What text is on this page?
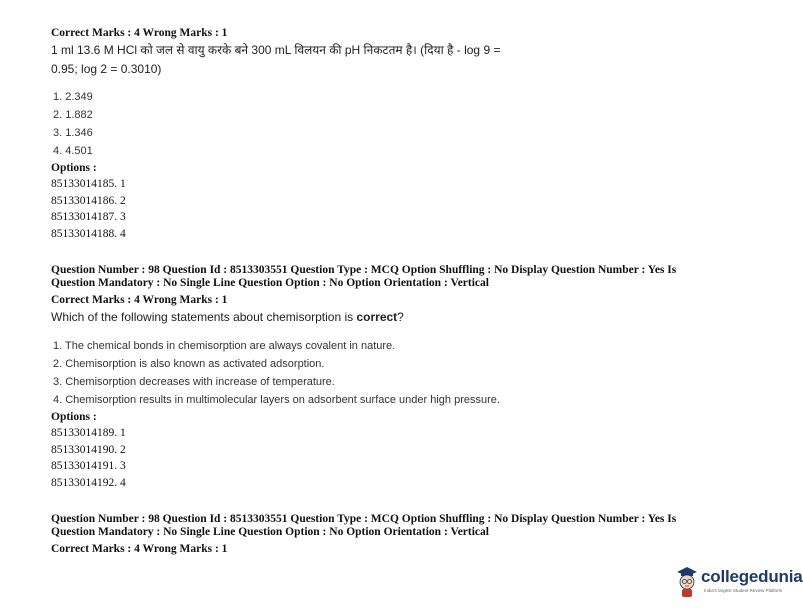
Correct Marks : 4 Wrong Marks : 1
1 ml 13.6 M HCl को जल से वायु करके बने 300 mL विलयन की pH निकटतम है। (दिया है - log 9 =
0.95; log 2 = 0.3010)
1. 2.349
2. 1.882
3. 1.346
4. 4.501
Options :
85133014185. 1
85133014186. 2
85133014187. 3
85133014188. 4
Question Number : 98 Question Id : 8513303551 Question Type : MCQ Option Shuffling : No Display Question Number : Yes Is
Question Mandatory : No Single Line Question Option : No Option Orientation : Vertical
Correct Marks : 4 Wrong Marks : 1
Which of the following statements about chemisorption is correct?
1. The chemical bonds in chemisorption are always covalent in nature.
2. Chemisorption is also known as activated adsorption.
3. Chemisorption decreases with increase of temperature.
4. Chemisorption results in multimolecular layers on adsorbent surface under high pressure.
Options :
85133014189. 1
85133014190. 2
85133014191. 3
85133014192. 4
Question Number : 98 Question Id : 8513303551 Question Type : MCQ Option Shuffling : No Display Question Number : Yes Is
Question Mandatory : No Single Line Question Option : No Option Orientation : Vertical
Correct Marks : 4 Wrong Marks : 1
collegedunia
India's largest Student Review Platform
